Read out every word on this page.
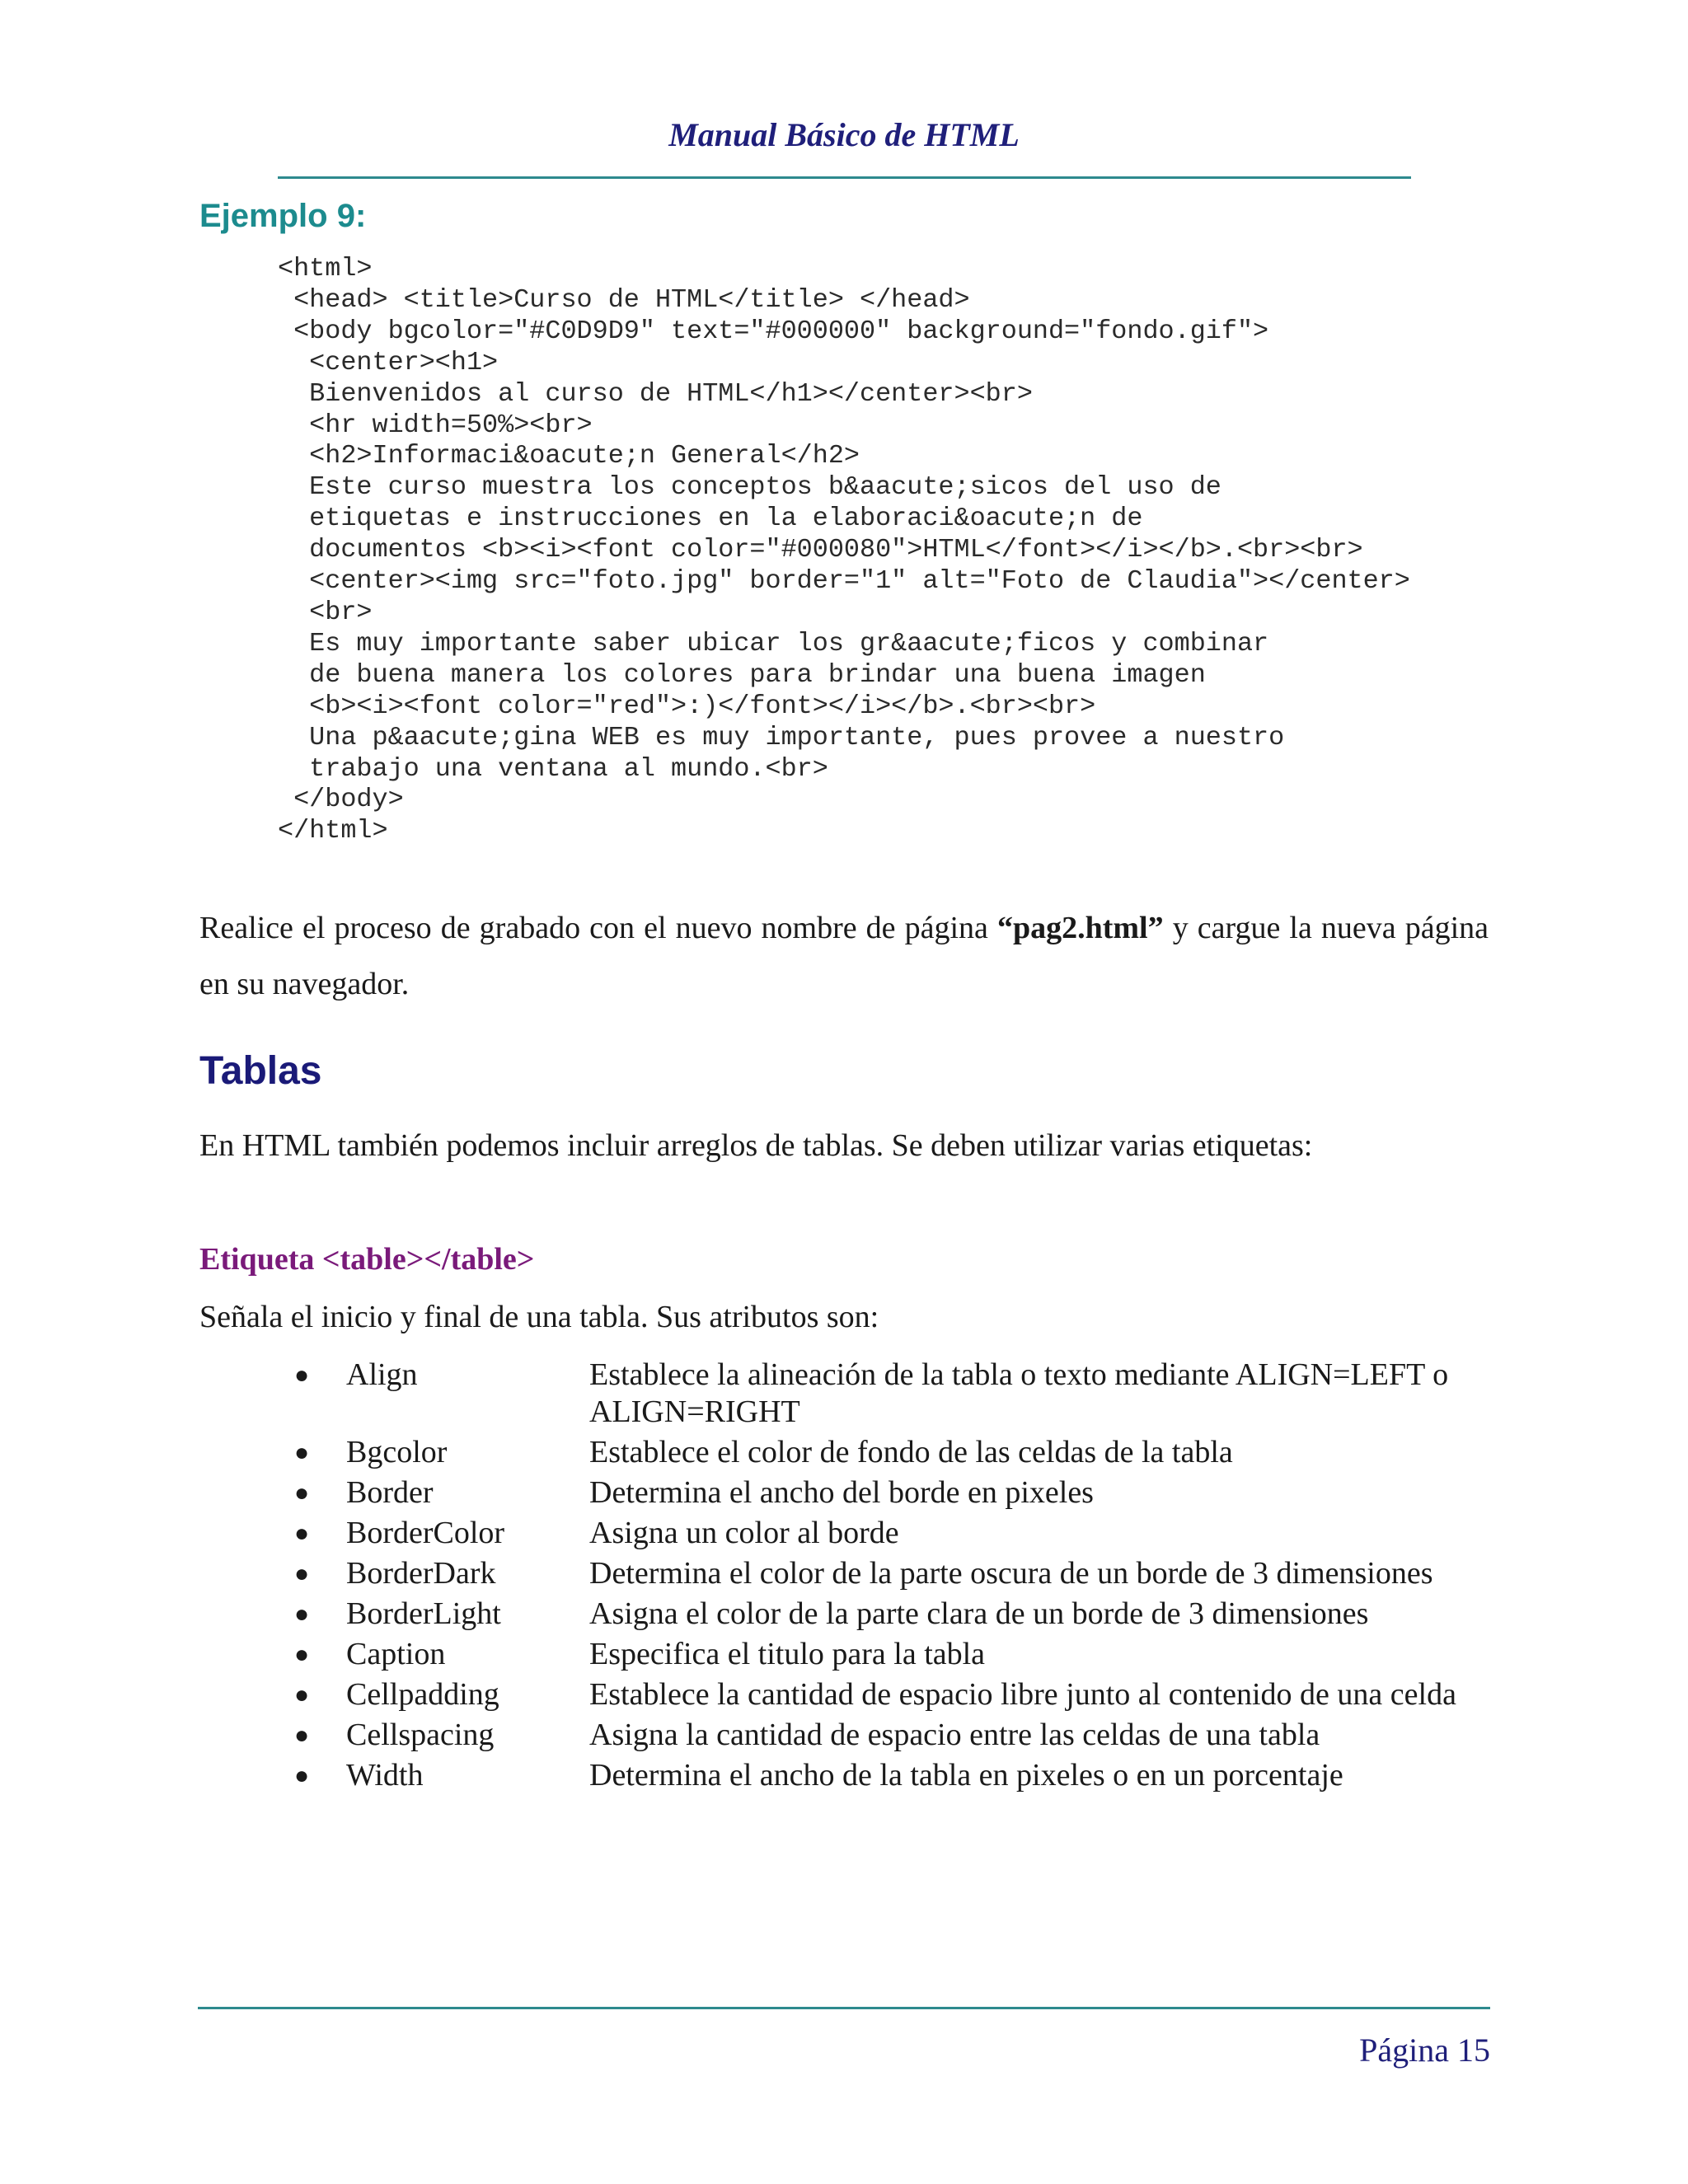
Manual Básico de HTML
Ejemplo 9:
<html>
<head> <title>Curso de HTML</title> </head>
<body bgcolor="#C0D9D9" text="#000000" background="fondo.gif">
<center><h1>
Bienvenidos al curso de HTML</h1></center><br>
<hr width=50%><br>
<h2>Informaci&oacute;n General</h2>
Este curso muestra los conceptos b&aacute;sicos del uso de
etiquetas e instrucciones en la elaboraci&oacute;n de
documentos <b><i><font color="#000080">HTML</font></i></b>.<br><br>
<center><img src="foto.jpg" border="1" alt="Foto de Claudia"></center>
<br>
Es muy importante saber ubicar los gr&aacute;ficos y combinar
de buena manera los colores para brindar una buena imagen
<b><i><font color="red">:)</font></i></b>.<br><br>
Una p&aacute;gina WEB es muy importante, pues provee a nuestro
trabajo una ventana al mundo.<br>
</body>
</html>
Realice el proceso de grabado con el nuevo nombre de página “pag2.html” y cargue la nueva página en su navegador.
Tablas
En HTML también podemos incluir arreglos de tablas. Se deben utilizar varias etiquetas:
Etiqueta <table></table>
Señala el inicio y final de una tabla. Sus atributos son:
● Align	Establece la alineación de la tabla o texto mediante ALIGN=LEFT o ALIGN=RIGHT
● Bgcolor	Establece el color de fondo de las celdas de la tabla
● Border	Determina el ancho del borde en pixeles
● BorderColor	Asigna un color al borde
● BorderDark	Determina el color de la parte oscura de un borde de 3 dimensiones
● BorderLight	Asigna el color de la parte clara de un borde de 3 dimensiones
● Caption	Especifica el titulo para la tabla
● Cellpadding	Establece la cantidad de espacio libre junto al contenido de una celda
● Cellspacing	Asigna la cantidad de espacio entre las celdas de una tabla
● Width	Determina el ancho de la tabla en pixeles o en un porcentaje
Página 15
